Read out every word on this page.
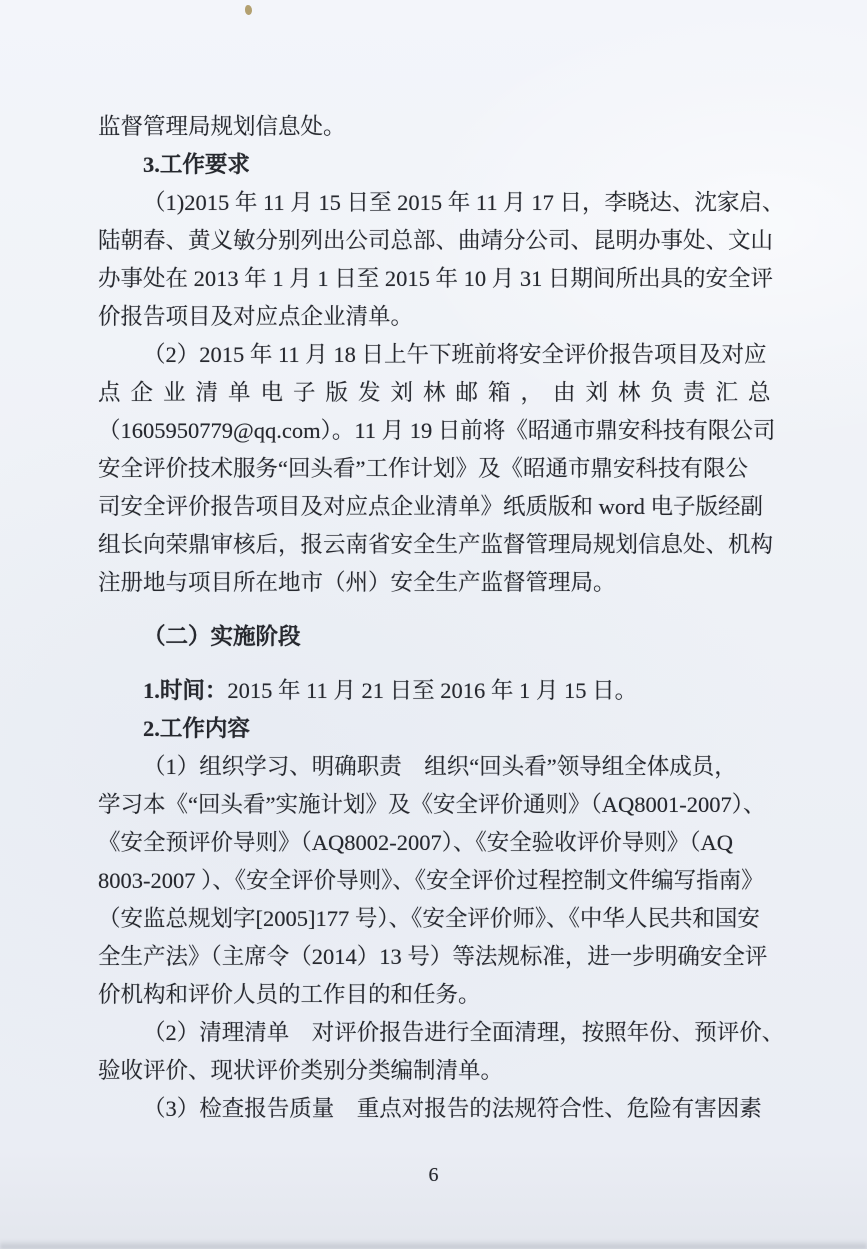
监督管理局规划信息处。
3.工作要求
（1)2015 年 11 月 15 日至 2015 年 11 月 17 日，李晓达、沈家启、
陆朝春、黄义敏分别列出公司总部、曲靖分公司、昆明办事处、文山
办事处在 2013 年 1 月 1 日至 2015 年 10 月 31 日期间所出具的安全评
价报告项目及对应点企业清单。
（2）2015 年 11 月 18 日上午下班前将安全评价报告项目及对应
点企业清单电子版发刘林邮箱，由刘林负责汇总
（1605950779@qq.com）。11 月 19 日前将《昭通市鼎安科技有限公司
安全评价技术服务“回头看”工作计划》及《昭通市鼎安科技有限公
司安全评价报告项目及对应点企业清单》纸质版和 word 电子版经副
组长向荣鼎审核后，报云南省安全生产监督管理局规划信息处、机构
注册地与项目所在地市（州）安全生产监督管理局。
（二）实施阶段
1.时间：2015 年 11 月 21 日至 2016 年 1 月 15 日。
2.工作内容
（1）组织学习、明确职责　组织“回头看”领导组全体成员，
学习本《“回头看”实施计划》及《安全评价通则》（AQ8001-2007）、
《安全预评价导则》（AQ8002-2007）、《安全验收评价导则》（AQ
8003-2007 ）、《安全评价导则》、《安全评价过程控制文件编写指南》
（安监总规划字[2005]177 号）、《安全评价师》、《中华人民共和国安
全生产法》（主席令（2014）13 号）等法规标准，进一步明确安全评
价机构和评价人员的工作目的和任务。
（2）清理清单　对评价报告进行全面清理，按照年份、预评价、
验收评价、现状评价类别分类编制清单。
（3）检查报告质量　重点对报告的法规符合性、危险有害因素
6
